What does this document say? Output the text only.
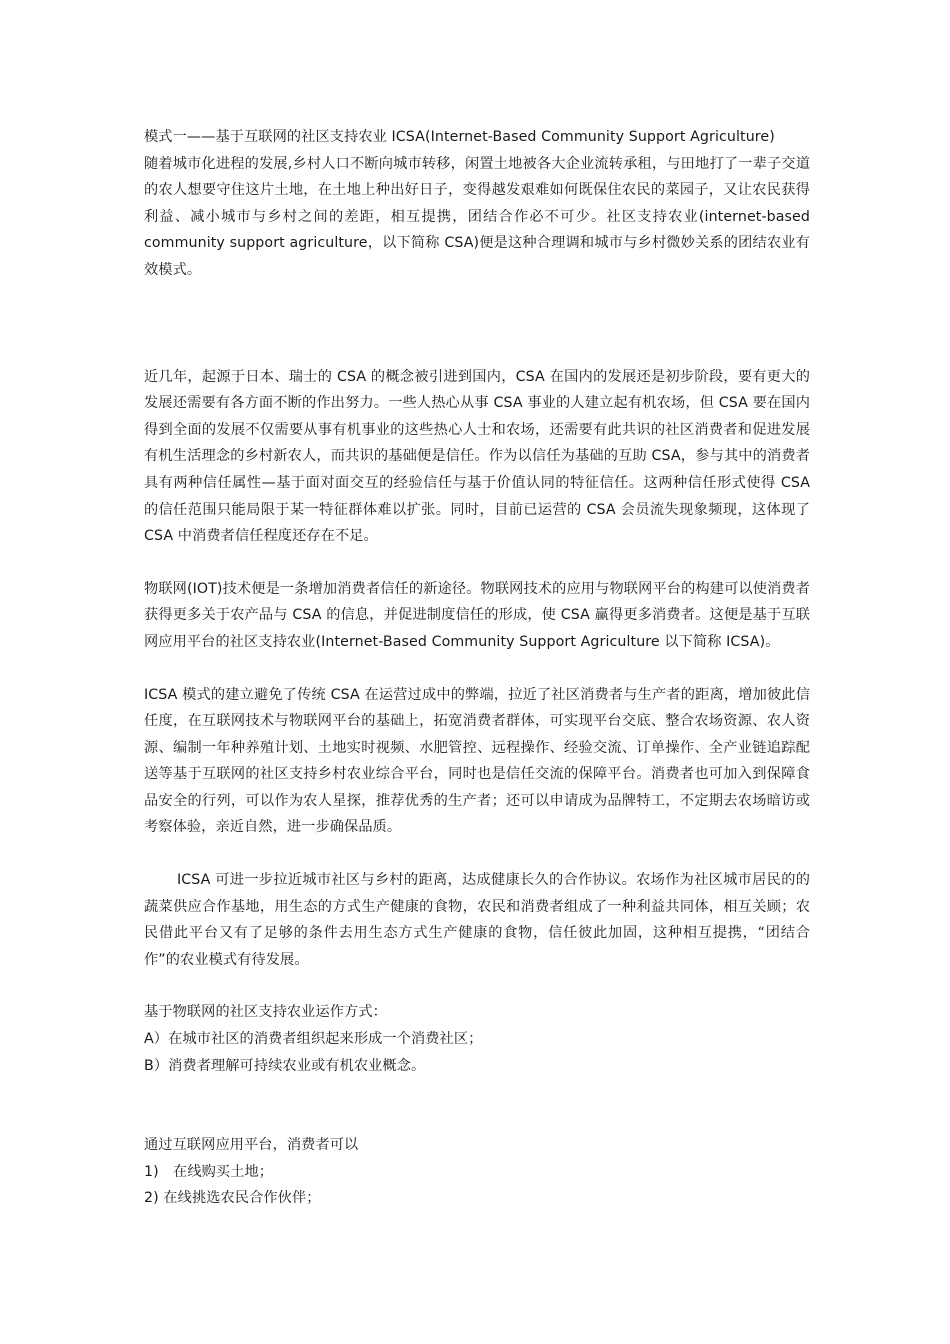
模式一——基于互联网的社区支持农业 ICSA(Internet-Based Community Support Agriculture)
随着城市化进程的发展,乡村人口不断向城市转移，闲置土地被各大企业流转承租，与田地打了一辈子交道的农人想要守住这片土地，在土地上种出好日子，变得越发艰难如何既保住农民的菜园子，又让农民获得利益、减小城市与乡村之间的差距，相互提携，团结合作必不可少。社区支持农业(internet-based community support agriculture，以下简称 CSA)便是这种合理调和城市与乡村微妙关系的团结农业有效模式。

近几年，起源于日本、瑞士的 CSA 的概念被引进到国内，CSA 在国内的发展还是初步阶段，要有更大的发展还需要有各方面不断的作出努力。一些人热心从事 CSA 事业的人建立起有机农场，但 CSA 要在国内得到全面的发展不仅需要从事有机事业的这些热心人士和农场，还需要有此共识的社区消费者和促进发展有机生活理念的乡村新农人，而共识的基础便是信任。作为以信任为基础的互助 CSA，参与其中的消费者具有两种信任属性—基于面对面交互的经验信任与基于价值认同的特征信任。这两种信任形式使得 CSA 的信任范围只能局限于某一特征群体难以扩张。同时，目前已运营的 CSA 会员流失现象频现，这体现了 CSA 中消费者信任程度还存在不足。

物联网(IOT)技术便是一条增加消费者信任的新途径。物联网技术的应用与物联网平台的构建可以使消费者获得更多关于农产品与 CSA 的信息，并促进制度信任的形成，使 CSA 赢得更多消费者。这便是基于互联网应用平台的社区支持农业(Internet-Based Community Support Agriculture 以下简称 ICSA)。

ICSA 模式的建立避免了传统 CSA 在运营过成中的弊端，拉近了社区消费者与生产者的距离，增加彼此信任度，在互联网技术与物联网平台的基础上，拓宽消费者群体，可实现平台交底、整合农场资源、农人资源、编制一年种养殖计划、土地实时视频、水肥管控、远程操作、经验交流、订单操作、全产业链追踪配送等基于互联网的社区支持乡村农业综合平台，同时也是信任交流的保障平台。消费者也可加入到保障食品安全的行列，可以作为农人星探，推荐优秀的生产者；还可以申请成为品牌特工，不定期去农场暗访或考察体验，亲近自然，进一步确保品质。

ICSA 可进一步拉近城市社区与乡村的距离，达成健康长久的合作协议。农场作为社区城市居民的的蔬菜供应合作基地，用生态的方式生产健康的食物，农民和消费者组成了一种利益共同体，相互关顾；农民借此平台又有了足够的条件去用生态方式生产健康的食物，信任彼此加固，这种相互提携，“团结合作”的农业模式有待发展。

基于物联网的社区支持农业运作方式：
A）在城市社区的消费者组织起来形成一个消费社区；
B）消费者理解可持续农业或有机农业概念。

通过互联网应用平台，消费者可以
1)　在线购买土地；
2) 在线挑选农民合作伙伴；
